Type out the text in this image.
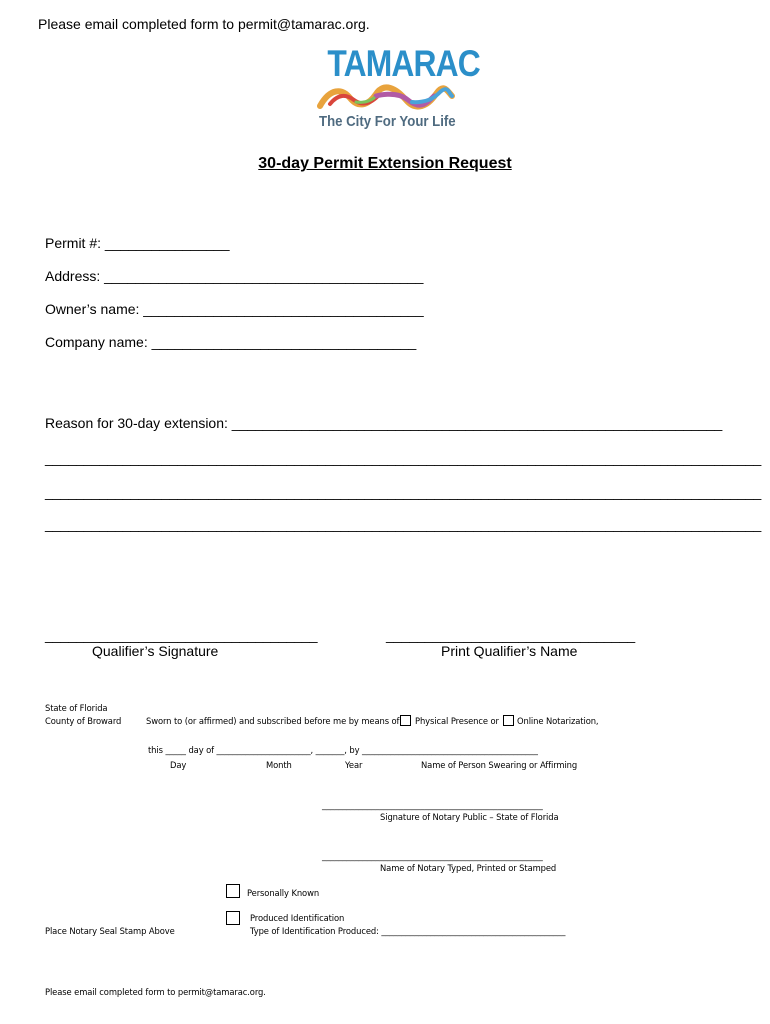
Please email completed form to permit@tamarac.org.
TAMARAC
The City For Your Life
30-day Permit Extension Request
Permit #: ________________
Address: _________________________________________
Owner’s name: ____________________________________
Company name: __________________________________
Reason for 30-day extension: _______________________________________________________________
____________________________________________________________________________________________
____________________________________________________________________________________________
____________________________________________________________________________________________
___________________________________
Qualifier’s Signature
________________________________
Print Qualifier’s Name
State of Florida
County of Broward	Sworn to (or affirmed) and subscribed before me by means of Physical Presence or Online Notarization,
this _____ day of _______________________, _______, by ___________________________________________
Day	Month	Year	Name of Person Swearing or Affirming
______________________________________________________
Signature of Notary Public – State of Florida
______________________________________________________
Name of Notary Typed, Printed or Stamped
Personally Known
Produced Identification
Type of Identification Produced: _____________________________________________
Place Notary Seal Stamp Above
Please email completed form to permit@tamarac.org.
